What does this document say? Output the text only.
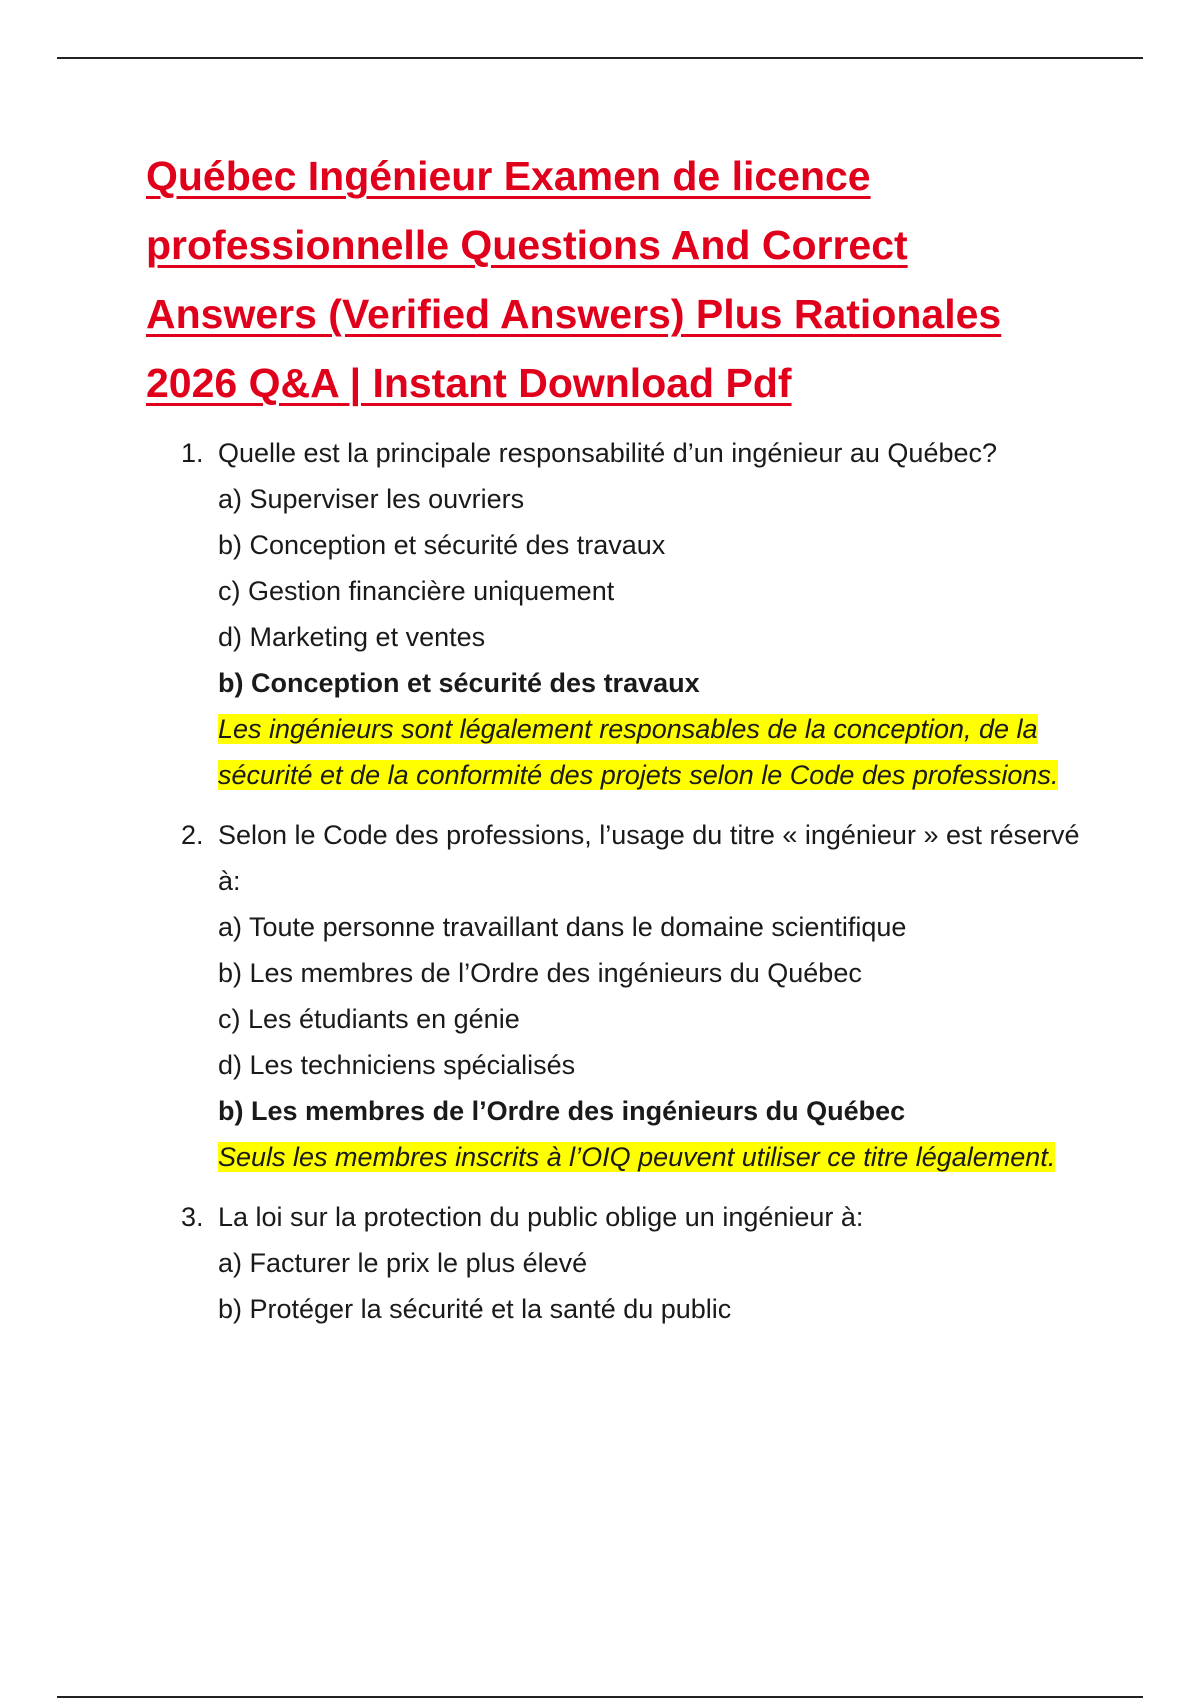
Québec Ingénieur Examen de licence professionnelle Questions And Correct Answers (Verified Answers) Plus Rationales 2026 Q&A | Instant Download Pdf
1. Quelle est la principale responsabilité d’un ingénieur au Québec?
a) Superviser les ouvriers
b) Conception et sécurité des travaux
c) Gestion financière uniquement
d) Marketing et ventes
b) Conception et sécurité des travaux
Les ingénieurs sont légalement responsables de la conception, de la sécurité et de la conformité des projets selon le Code des professions.
2. Selon le Code des professions, l’usage du titre « ingénieur » est réservé à:
a) Toute personne travaillant dans le domaine scientifique
b) Les membres de l’Ordre des ingénieurs du Québec
c) Les étudiants en génie
d) Les techniciens spécialisés
b) Les membres de l’Ordre des ingénieurs du Québec
Seuls les membres inscrits à l’OIQ peuvent utiliser ce titre légalement.
3. La loi sur la protection du public oblige un ingénieur à:
a) Facturer le prix le plus élevé
b) Protéger la sécurité et la santé du public
